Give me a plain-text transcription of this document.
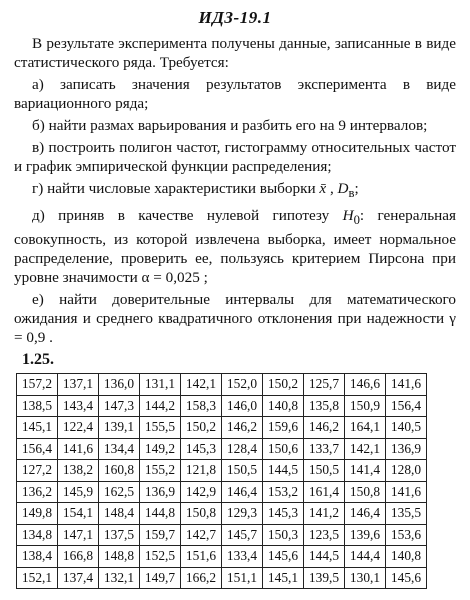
ИДЗ-19.1

В результате эксперимента получены данные, записанные в виде статистического ряда. Требуется:

а) записать значения результатов эксперимента в виде вариационного ряда;

б) найти размах варьирования и разбить его на 9 интервалов;

в) построить полигон частот, гистограмму относительных частот и график эмпирической функции распределения;

г) найти числовые характеристики выборки x̄ , $D_в$;

д) приняв в качестве нулевой гипотезу $H_0$: генеральная совокупность, из которой извлечена выборка, имеет нормальное распределение, проверить ее, пользуясь критерием Пирсона при уровне значимости α = 0,025 ;

е) найти доверительные интервалы для математического ожидания и среднего квадратичного отклонения при надежности γ = 0,9 .

1.25.
157,2	137,1	136,0	131,1	142,1	152,0	150,2	125,7	146,6	141,6
138,5	143,4	147,3	144,2	158,3	146,0	140,8	135,8	150,9	156,4
145,1	122,4	139,1	155,5	150,2	146,2	159,6	146,2	164,1	140,5
156,4	141,6	134,4	149,2	145,3	128,4	150,6	133,7	142,1	136,9
127,2	138,2	160,8	155,2	121,8	150,5	144,5	150,5	141,4	128,0
136,2	145,9	162,5	136,9	142,9	146,4	153,2	161,4	150,8	141,6
149,8	154,1	148,4	144,8	150,8	129,3	145,3	141,2	146,4	135,5
134,8	147,1	137,5	159,7	142,7	145,7	150,3	123,5	139,6	153,6
138,4	166,8	148,8	152,5	151,6	133,4	145,6	144,5	144,4	140,8
152,1	137,4	132,1	149,7	166,2	151,1	145,1	139,5	130,1	145,6
